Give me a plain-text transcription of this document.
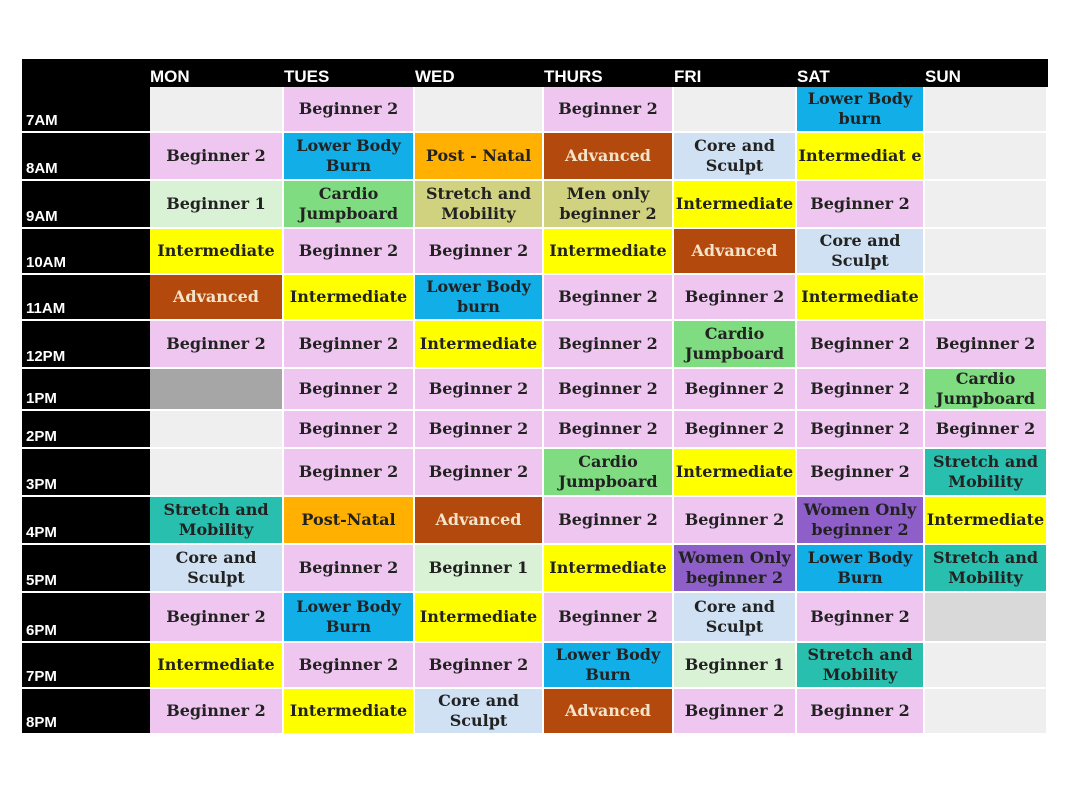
	MON	TUES	WED	THURS	FRI	SAT	SUN
7AM		Beginner 2		Beginner 2		Lower Body burn	
8AM	Beginner 2	Lower Body Burn	Post - Natal	Advanced	Core and Sculpt	Intermediat e	
9AM	Beginner 1	Cardio Jumpboard	Stretch and Mobility	Men only beginner 2	Intermediate	Beginner 2	
10AM	Intermediate	Beginner 2	Beginner 2	Intermediate	Advanced	Core and Sculpt	
11AM	Advanced	Intermediate	Lower Body burn	Beginner 2	Beginner 2	Intermediate	
12PM	Beginner 2	Beginner 2	Intermediate	Beginner 2	Cardio Jumpboard	Beginner 2	Beginner 2
1PM		Beginner 2	Beginner 2	Beginner 2	Beginner 2	Beginner 2	Cardio Jumpboard
2PM		Beginner 2	Beginner 2	Beginner 2	Beginner 2	Beginner 2	Beginner 2
3PM		Beginner 2	Beginner 2	Cardio Jumpboard	Intermediate	Beginner 2	Stretch and Mobility
4PM	Stretch and Mobility	Post-Natal	Advanced	Beginner 2	Beginner 2	Women Only beginner 2	Intermediate
5PM	Core and Sculpt	Beginner 2	Beginner 1	Intermediate	Women Only beginner 2	Lower Body Burn	Stretch and Mobility
6PM	Beginner 2	Lower Body Burn	Intermediate	Beginner 2	Core and Sculpt	Beginner 2	
7PM	Intermediate	Beginner 2	Beginner 2	Lower Body Burn	Beginner 1	Stretch and Mobility	
8PM	Beginner 2	Intermediate	Core and Sculpt	Advanced	Beginner 2	Beginner 2	
